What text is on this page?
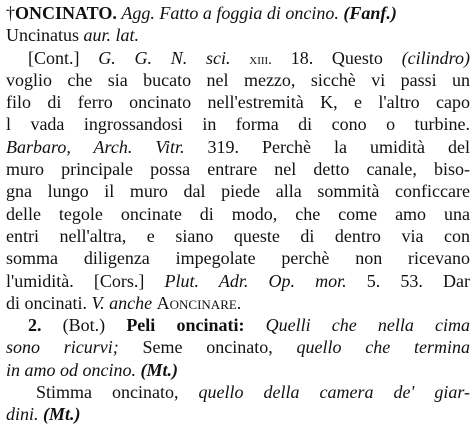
†ONCINATO. Agg. Fatto a foggia di oncino. (Fanf.)
Uncinatus aur. lat.
[Cont.] G. G. N. sci. xiii. 18. Questo (cilindro)
voglio che sia bucato nel mezzo, sicchè vi passi un
filo di ferro oncinato nell'estremità K, e l'altro capo
l vada ingrossandosi in forma di cono o turbine.
Barbaro, Arch. Vitr. 319. Perchè la umidità del
muro principale possa entrare nel detto canale, biso-
gna lungo il muro dal piede alla sommità conficcare
delle tegole oncinate di modo, che come amo una
entri nell'altra, e siano queste di dentro via con
somma diligenza impegolate perchè non ricevano
l'umidità. [Cors.] Plut. Adr. Op. mor. 5. 53. Dar
di oncinati. V. anche Aoncinare.
2. (Bot.) Peli oncinati: Quelli che nella cima
sono ricurvi; Seme oncinato, quello che termina
in amo od oncino. (Mt.)
Stimma oncinato, quello della camera de' giar-
dini. (Mt.)
